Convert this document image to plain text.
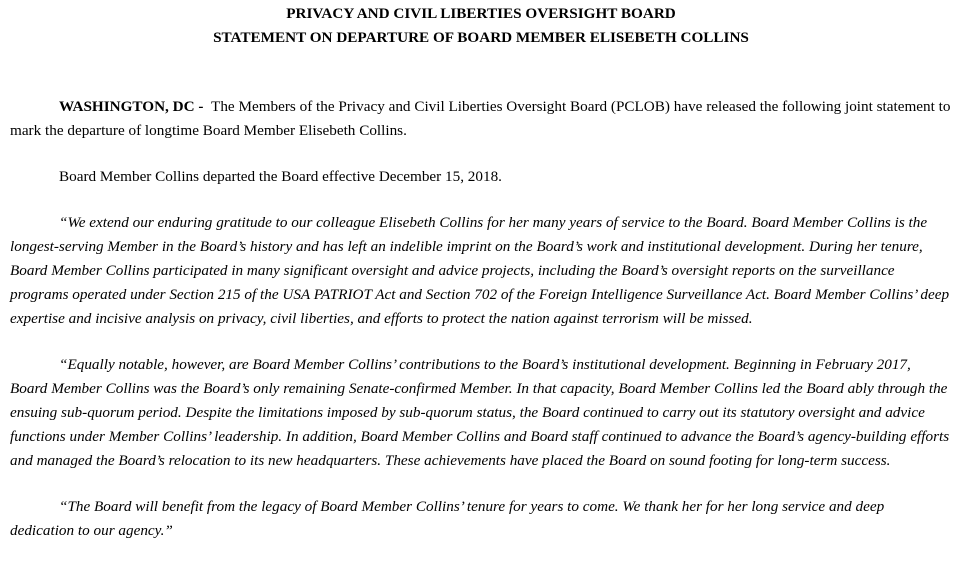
PRIVACY AND CIVIL LIBERTIES OVERSIGHT BOARD
STATEMENT ON DEPARTURE OF BOARD MEMBER ELISEBETH COLLINS

WASHINGTON, DC - The Members of the Privacy and Civil Liberties Oversight Board (PCLOB) have released the following joint statement to mark the departure of longtime Board Member Elisebeth Collins.

Board Member Collins departed the Board effective December 15, 2018.

“We extend our enduring gratitude to our colleague Elisebeth Collins for her many years of service to the Board. Board Member Collins is the longest-serving Member in the Board’s history and has left an indelible imprint on the Board’s work and institutional development. During her tenure, Board Member Collins participated in many significant oversight and advice projects, including the Board’s oversight reports on the surveillance programs operated under Section 215 of the USA PATRIOT Act and Section 702 of the Foreign Intelligence Surveillance Act. Board Member Collins’ deep expertise and incisive analysis on privacy, civil liberties, and efforts to protect the nation against terrorism will be missed.

“Equally notable, however, are Board Member Collins’ contributions to the Board’s institutional development. Beginning in February 2017, Board Member Collins was the Board’s only remaining Senate-confirmed Member. In that capacity, Board Member Collins led the Board ably through the ensuing sub-quorum period. Despite the limitations imposed by sub-quorum status, the Board continued to carry out its statutory oversight and advice functions under Member Collins’ leadership. In addition, Board Member Collins and Board staff continued to advance the Board’s agency-building efforts and managed the Board’s relocation to its new headquarters. These achievements have placed the Board on sound footing for long-term success.

“The Board will benefit from the legacy of Board Member Collins’ tenure for years to come. We thank her for her long service and deep dedication to our agency.”
